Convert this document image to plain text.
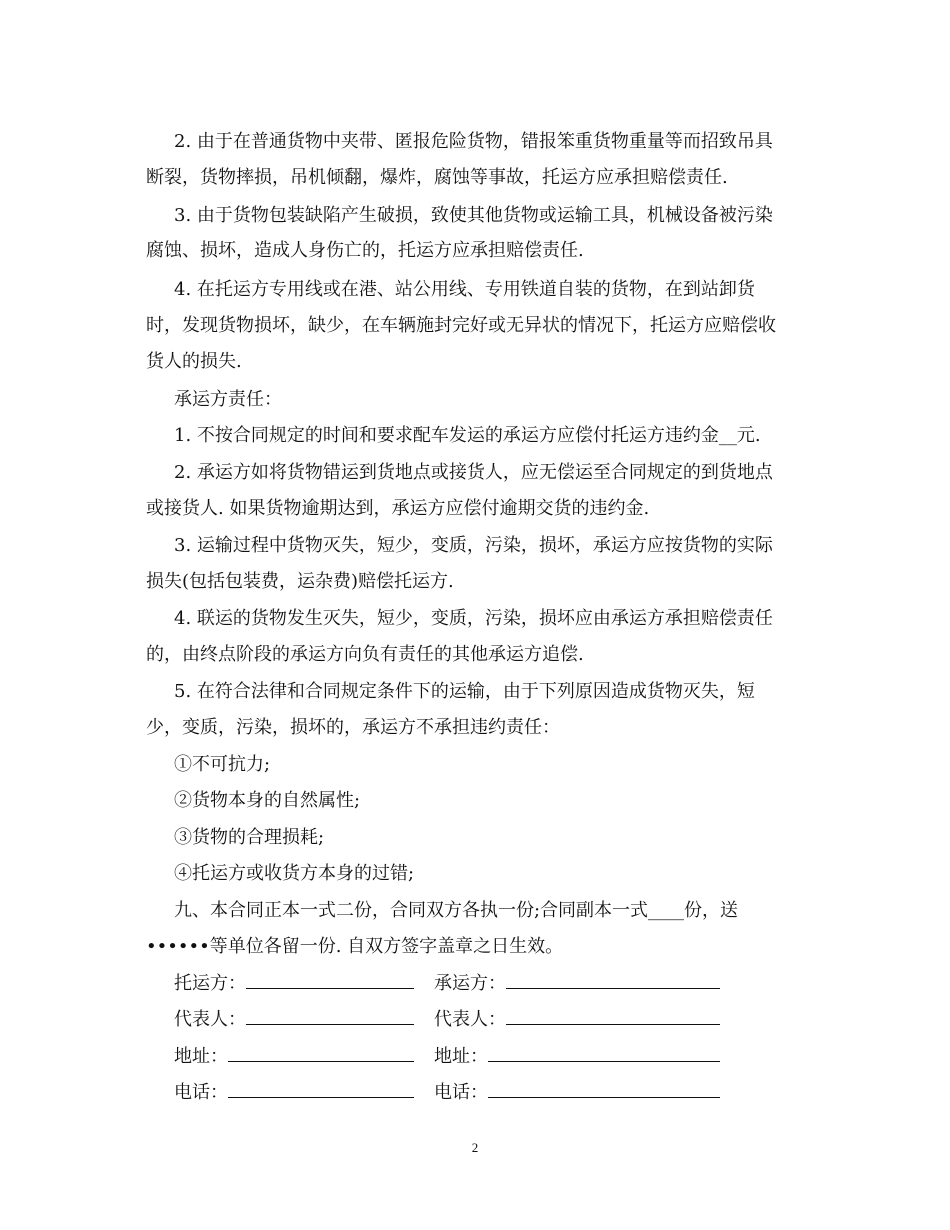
2. 由于在普通货物中夹带、匿报危险货物，错报笨重货物重量等而招致吊具
断裂，货物摔损，吊机倾翻，爆炸，腐蚀等事故，托运方应承担赔偿责任.
3. 由于货物包装缺陷产生破损，致使其他货物或运输工具，机械设备被污染
腐蚀、损坏，造成人身伤亡的，托运方应承担赔偿责任.
4. 在托运方专用线或在港、站公用线、专用铁道自装的货物，在到站卸货
时，发现货物损坏，缺少，在车辆施封完好或无异状的情况下，托运方应赔偿收
货人的损失.
承运方责任：
1. 不按合同规定的时间和要求配车发运的承运方应偿付托运方违约金__元.
2. 承运方如将货物错运到货地点或接货人，应无偿运至合同规定的到货地点
或接货人. 如果货物逾期达到，承运方应偿付逾期交货的违约金.
3. 运输过程中货物灭失，短少，变质，污染，损坏，承运方应按货物的实际
损失(包括包装费，运杂费)赔偿托运方.
4. 联运的货物发生灭失，短少，变质，污染，损坏应由承运方承担赔偿责任
的，由终点阶段的承运方向负有责任的其他承运方追偿.
5. 在符合法律和合同规定条件下的运输，由于下列原因造成货物灭失，短
少，变质，污染，损坏的，承运方不承担违约责任：
①不可抗力;
②货物本身的自然属性;
③货物的合理损耗;
④托运方或收货方本身的过错;
九、本合同正本一式二份，合同双方各执一份;合同副本一式____份，送
••••••等单位各留一份. 自双方签字盖章之日生效。
托运方：	承运方：
代表人：	代表人：
地址：	地址：
电话：	电话：
2
